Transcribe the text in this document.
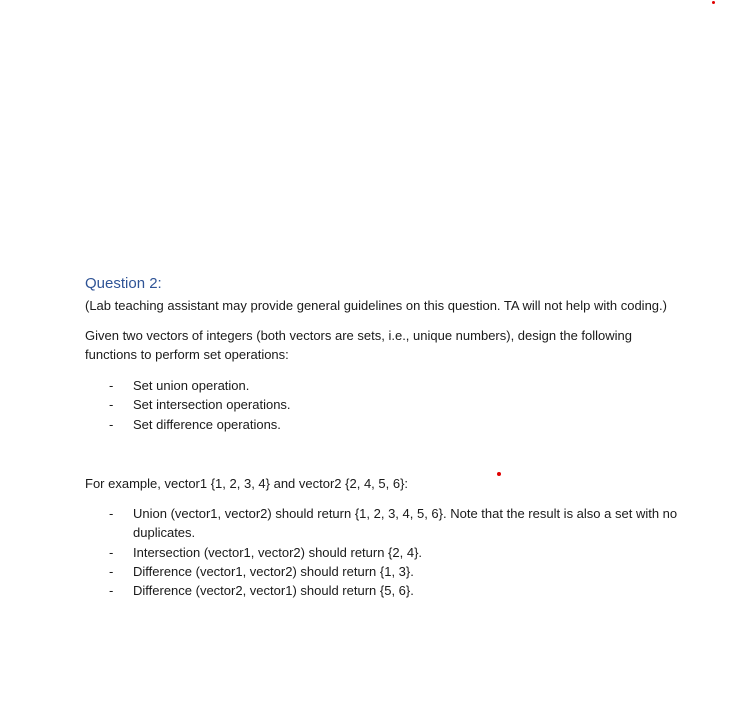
Question 2:
(Lab teaching assistant may provide general guidelines on this question. TA will not help with coding.)
Given two vectors of integers (both vectors are sets, i.e., unique numbers), design the following functions to perform set operations:
- Set union operation.
- Set intersection operations.
- Set difference operations.
For example, vector1 {1, 2, 3, 4} and vector2 {2, 4, 5, 6}:
- Union (vector1, vector2) should return {1, 2, 3, 4, 5, 6}. Note that the result is also a set with no duplicates.
- Intersection (vector1, vector2) should return {2, 4}.
- Difference (vector1, vector2) should return {1, 3}.
- Difference (vector2, vector1) should return {5, 6}.
